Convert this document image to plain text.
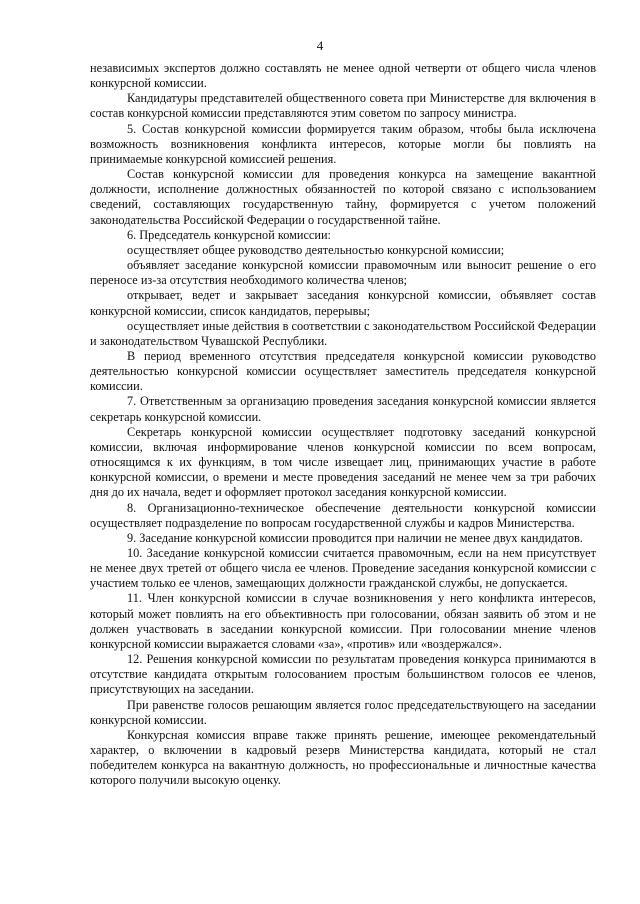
4

независимых экспертов должно составлять не менее одной четверти от общего числа членов конкурсной комиссии.

Кандидатуры представителей общественного совета при Министерстве для включения в состав конкурсной комиссии представляются этим советом по запросу министра.

5. Состав конкурсной комиссии формируется таким образом, чтобы была исключена возможность возникновения конфликта интересов, которые могли бы повлиять на принимаемые конкурсной комиссией решения.

Состав конкурсной комиссии для проведения конкурса на замещение вакантной должности, исполнение должностных обязанностей по которой связано с использованием сведений, составляющих государственную тайну, формируется с учетом положений законодательства Российской Федерации о государственной тайне.

6. Председатель конкурсной комиссии:

осуществляет общее руководство деятельностью конкурсной комиссии;

объявляет заседание конкурсной комиссии правомочным или выносит решение о его переносе из-за отсутствия необходимого количества членов;

открывает, ведет и закрывает заседания конкурсной комиссии, объявляет состав конкурсной комиссии, список кандидатов, перерывы;

осуществляет иные действия в соответствии с законодательством Российской Федерации и законодательством Чувашской Республики.

В период временного отсутствия председателя конкурсной комиссии руководство деятельностью конкурсной комиссии осуществляет заместитель председателя конкурсной комиссии.

7. Ответственным за организацию проведения заседания конкурсной комиссии является секретарь конкурсной комиссии.

Секретарь конкурсной комиссии осуществляет подготовку заседаний конкурсной комиссии, включая информирование членов конкурсной комиссии по всем вопросам, относящимся к их функциям, в том числе извещает лиц, принимающих участие в работе конкурсной комиссии, о времени и месте проведения заседаний не менее чем за три рабочих дня до их начала, ведет и оформляет протокол заседания конкурсной комиссии.

8. Организационно-техническое обеспечение деятельности конкурсной комиссии осуществляет подразделение по вопросам государственной службы и кадров Министерства.

9. Заседание конкурсной комиссии проводится при наличии не менее двух кандидатов.

10. Заседание конкурсной комиссии считается правомочным, если на нем присутствует не менее двух третей от общего числа ее членов. Проведение заседания конкурсной комиссии с участием только ее членов, замещающих должности гражданской службы, не допускается.

11. Член конкурсной комиссии в случае возникновения у него конфликта интересов, который может повлиять на его объективность при голосовании, обязан заявить об этом и не должен участвовать в заседании конкурсной комиссии. При голосовании мнение членов конкурсной комиссии выражается словами «за», «против» или «воздержался».

12. Решения конкурсной комиссии по результатам проведения конкурса принимаются в отсутствие кандидата открытым голосованием простым большинством голосов ее членов, присутствующих на заседании.

При равенстве голосов решающим является голос председательствующего на заседании конкурсной комиссии.

Конкурсная комиссия вправе также принять решение, имеющее рекомендательный характер, о включении в кадровый резерв Министерства кандидата, который не стал победителем конкурса на вакантную должность, но профессиональные и личностные качества которого получили высокую оценку.
